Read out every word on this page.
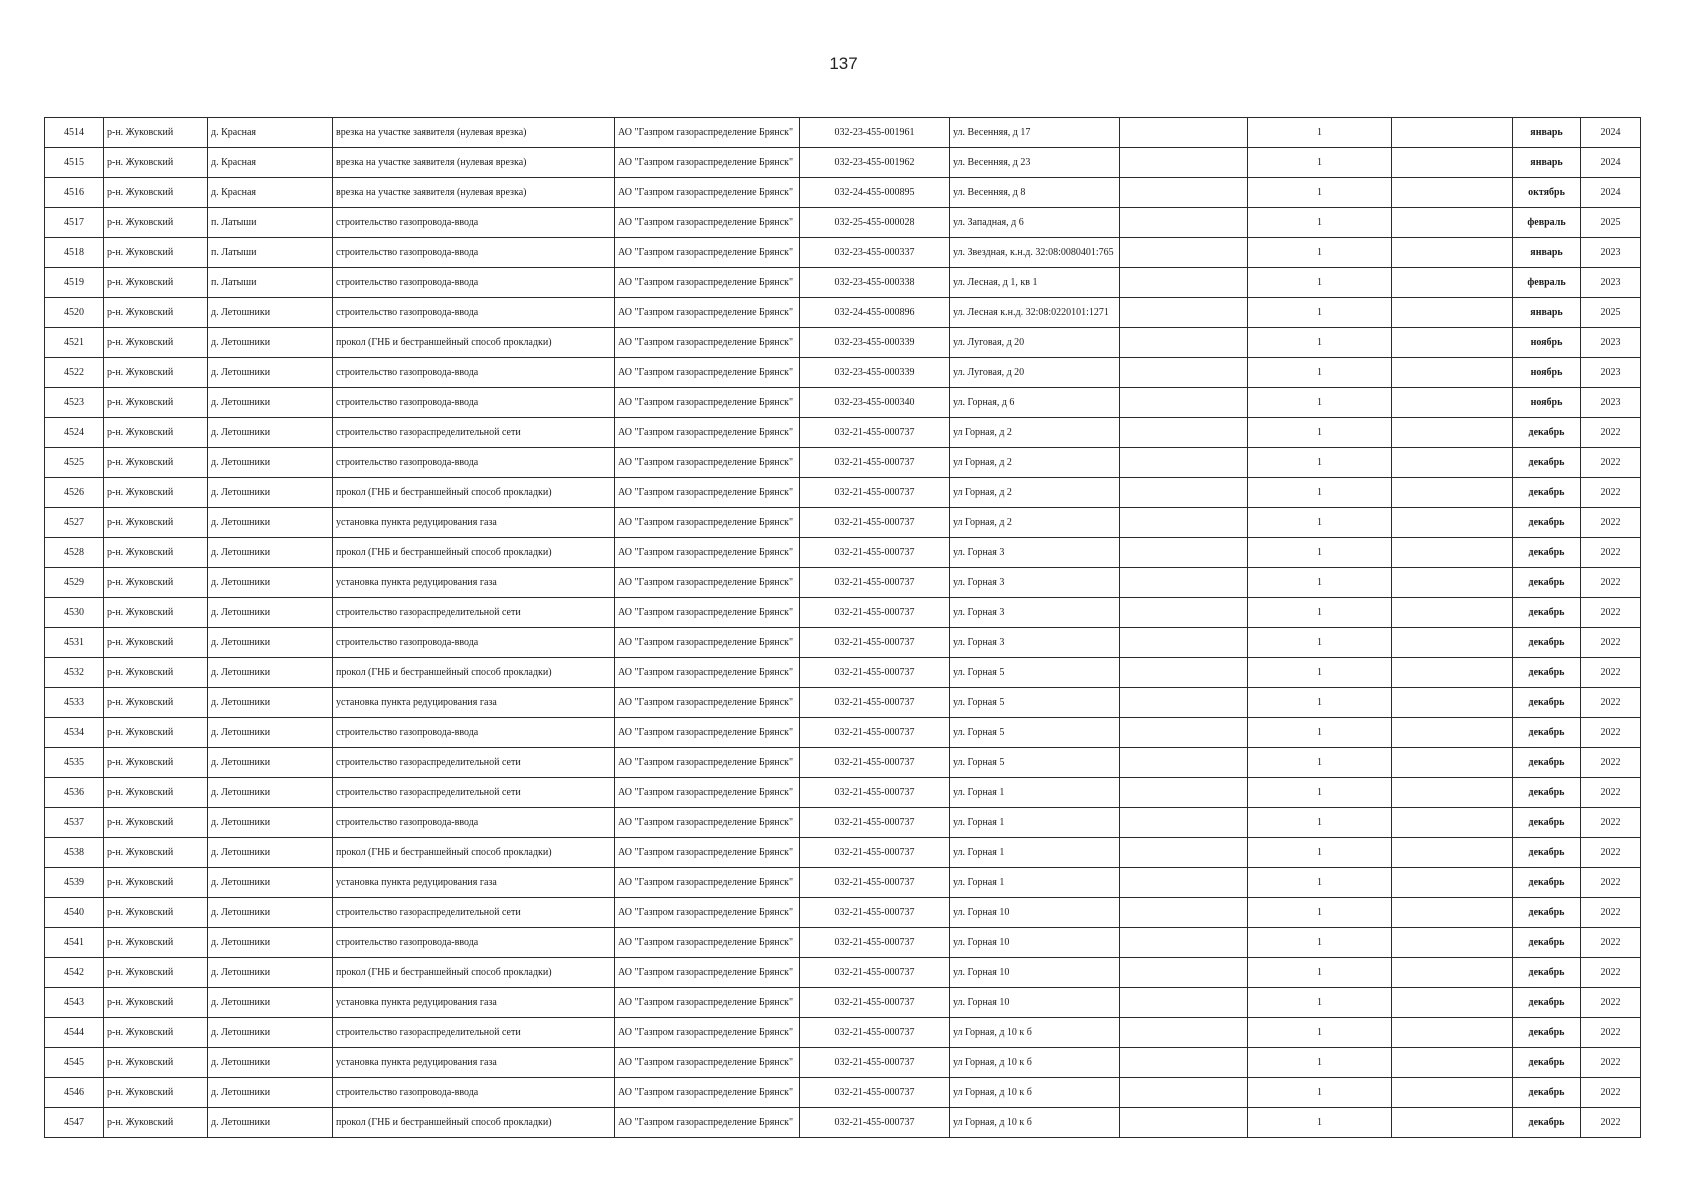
137
4514	р-н. Жуковский	д. Красная	врезка на участке заявителя (нулевая врезка)	АО "Газпром газораспределение Брянск"	032-23-455-001961	ул. Весенняя, д 17		1		январь	2024
4515	р-н. Жуковский	д. Красная	врезка на участке заявителя (нулевая врезка)	АО "Газпром газораспределение Брянск"	032-23-455-001962	ул. Весенняя, д 23		1		январь	2024
4516	р-н. Жуковский	д. Красная	врезка на участке заявителя (нулевая врезка)	АО "Газпром газораспределение Брянск"	032-24-455-000895	ул. Весенняя, д 8		1		октябрь	2024
4517	р-н. Жуковский	п. Латыши	строительство газопровода-ввода	АО "Газпром газораспределение Брянск"	032-25-455-000028	ул. Западная, д 6		1		февраль	2025
4518	р-н. Жуковский	п. Латыши	строительство газопровода-ввода	АО "Газпром газораспределение Брянск"	032-23-455-000337	ул. Звездная, к.н.д. 32:08:0080401:765		1		январь	2023
4519	р-н. Жуковский	п. Латыши	строительство газопровода-ввода	АО "Газпром газораспределение Брянск"	032-23-455-000338	ул. Лесная, д 1, кв 1		1		февраль	2023
4520	р-н. Жуковский	д. Летошники	строительство газопровода-ввода	АО "Газпром газораспределение Брянск"	032-24-455-000896	ул. Лесная к.н.д. 32:08:0220101:1271		1		январь	2025
4521	р-н. Жуковский	д. Летошники	прокол (ГНБ и бестраншейный способ прокладки)	АО "Газпром газораспределение Брянск"	032-23-455-000339	ул. Луговая, д 20		1		ноябрь	2023
4522	р-н. Жуковский	д. Летошники	строительство газопровода-ввода	АО "Газпром газораспределение Брянск"	032-23-455-000339	ул. Луговая, д 20		1		ноябрь	2023
4523	р-н. Жуковский	д. Летошники	строительство газопровода-ввода	АО "Газпром газораспределение Брянск"	032-23-455-000340	ул. Горная, д 6		1		ноябрь	2023
4524	р-н. Жуковский	д. Летошники	строительство газораспределительной сети	АО "Газпром газораспределение Брянск"	032-21-455-000737	ул Горная, д 2		1		декабрь	2022
4525	р-н. Жуковский	д. Летошники	строительство газопровода-ввода	АО "Газпром газораспределение Брянск"	032-21-455-000737	ул Горная, д 2		1		декабрь	2022
4526	р-н. Жуковский	д. Летошники	прокол (ГНБ и бестраншейный способ прокладки)	АО "Газпром газораспределение Брянск"	032-21-455-000737	ул Горная, д 2		1		декабрь	2022
4527	р-н. Жуковский	д. Летошники	установка пункта редуцирования газа	АО "Газпром газораспределение Брянск"	032-21-455-000737	ул Горная, д 2		1		декабрь	2022
4528	р-н. Жуковский	д. Летошники	прокол (ГНБ и бестраншейный способ прокладки)	АО "Газпром газораспределение Брянск"	032-21-455-000737	ул. Горная 3		1		декабрь	2022
4529	р-н. Жуковский	д. Летошники	установка пункта редуцирования газа	АО "Газпром газораспределение Брянск"	032-21-455-000737	ул. Горная 3		1		декабрь	2022
4530	р-н. Жуковский	д. Летошники	строительство газораспределительной сети	АО "Газпром газораспределение Брянск"	032-21-455-000737	ул. Горная 3		1		декабрь	2022
4531	р-н. Жуковский	д. Летошники	строительство газопровода-ввода	АО "Газпром газораспределение Брянск"	032-21-455-000737	ул. Горная 3		1		декабрь	2022
4532	р-н. Жуковский	д. Летошники	прокол (ГНБ и бестраншейный способ прокладки)	АО "Газпром газораспределение Брянск"	032-21-455-000737	ул. Горная 5		1		декабрь	2022
4533	р-н. Жуковский	д. Летошники	установка пункта редуцирования газа	АО "Газпром газораспределение Брянск"	032-21-455-000737	ул. Горная 5		1		декабрь	2022
4534	р-н. Жуковский	д. Летошники	строительство газопровода-ввода	АО "Газпром газораспределение Брянск"	032-21-455-000737	ул. Горная 5		1		декабрь	2022
4535	р-н. Жуковский	д. Летошники	строительство газораспределительной сети	АО "Газпром газораспределение Брянск"	032-21-455-000737	ул. Горная 5		1		декабрь	2022
4536	р-н. Жуковский	д. Летошники	строительство газораспределительной сети	АО "Газпром газораспределение Брянск"	032-21-455-000737	ул. Горная 1		1		декабрь	2022
4537	р-н. Жуковский	д. Летошники	строительство газопровода-ввода	АО "Газпром газораспределение Брянск"	032-21-455-000737	ул. Горная 1		1		декабрь	2022
4538	р-н. Жуковский	д. Летошники	прокол (ГНБ и бестраншейный способ прокладки)	АО "Газпром газораспределение Брянск"	032-21-455-000737	ул. Горная 1		1		декабрь	2022
4539	р-н. Жуковский	д. Летошники	установка пункта редуцирования газа	АО "Газпром газораспределение Брянск"	032-21-455-000737	ул. Горная 1		1		декабрь	2022
4540	р-н. Жуковский	д. Летошники	строительство газораспределительной сети	АО "Газпром газораспределение Брянск"	032-21-455-000737	ул. Горная 10		1		декабрь	2022
4541	р-н. Жуковский	д. Летошники	строительство газопровода-ввода	АО "Газпром газораспределение Брянск"	032-21-455-000737	ул. Горная 10		1		декабрь	2022
4542	р-н. Жуковский	д. Летошники	прокол (ГНБ и бестраншейный способ прокладки)	АО "Газпром газораспределение Брянск"	032-21-455-000737	ул. Горная 10		1		декабрь	2022
4543	р-н. Жуковский	д. Летошники	установка пункта редуцирования газа	АО "Газпром газораспределение Брянск"	032-21-455-000737	ул. Горная 10		1		декабрь	2022
4544	р-н. Жуковский	д. Летошники	строительство газораспределительной сети	АО "Газпром газораспределение Брянск"	032-21-455-000737	ул Горная, д 10 к б		1		декабрь	2022
4545	р-н. Жуковский	д. Летошники	установка пункта редуцирования газа	АО "Газпром газораспределение Брянск"	032-21-455-000737	ул Горная, д 10 к б		1		декабрь	2022
4546	р-н. Жуковский	д. Летошники	строительство газопровода-ввода	АО "Газпром газораспределение Брянск"	032-21-455-000737	ул Горная, д 10 к б		1		декабрь	2022
4547	р-н. Жуковский	д. Летошники	прокол (ГНБ и бестраншейный способ прокладки)	АО "Газпром газораспределение Брянск"	032-21-455-000737	ул Горная, д 10 к б		1		декабрь	2022
